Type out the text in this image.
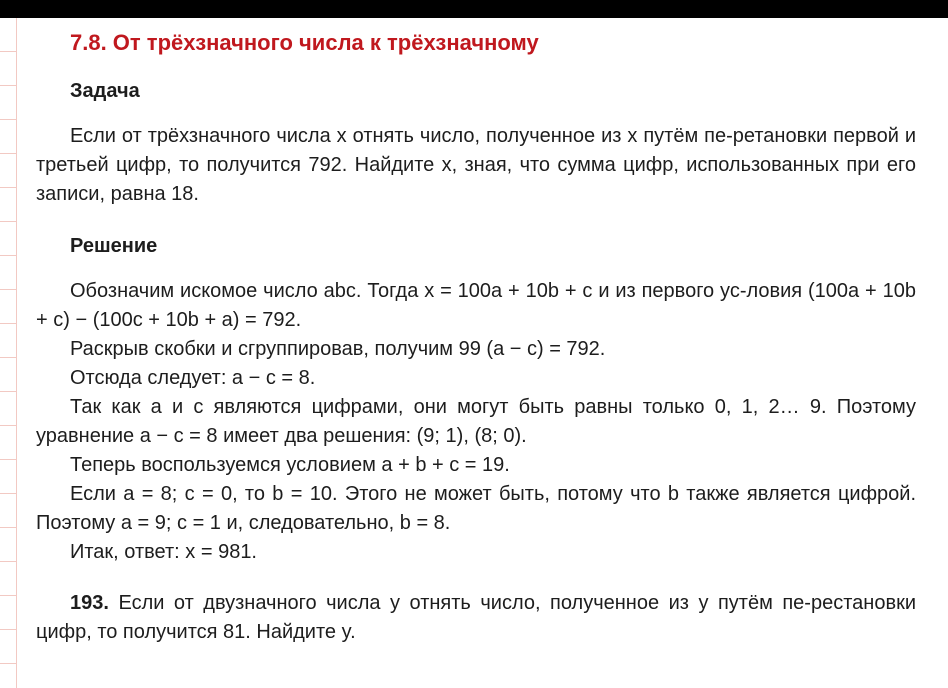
7.8. От трёхзначного числа к трёхзначному
Задача

Если от трёхзначного числа x отнять число, полученное из x путём пе-ретановки первой и третьей цифр, то получится 792. Найдите x, зная, что сумма цифр, использованных при его записи, равна 18.

Решение

Обозначим искомое число abc. Тогда x = 100a + 10b + c и из первого ус-ловия (100a + 10b + c) − (100c + 10b + a) = 792.

Раскрыв скобки и сгруппировав, получим 99 (a − c) = 792.

Отсюда следует: a − c = 8.

Так как a и c являются цифрами, они могут быть равны только 0, 1, 2… 9. Поэтому уравнение a − c = 8 имеет два решения: (9; 1), (8; 0).

Теперь воспользуемся условием a + b + c = 19.

Если a = 8; c = 0, то b = 10. Этого не может быть, потому что b также является цифрой. Поэтому a = 9; c = 1 и, следовательно, b = 8.

Итак, ответ: x = 981.

193. Если от двузначного числа y отнять число, полученное из y путём пе-рестановки цифр, то получится 81. Найдите y.
